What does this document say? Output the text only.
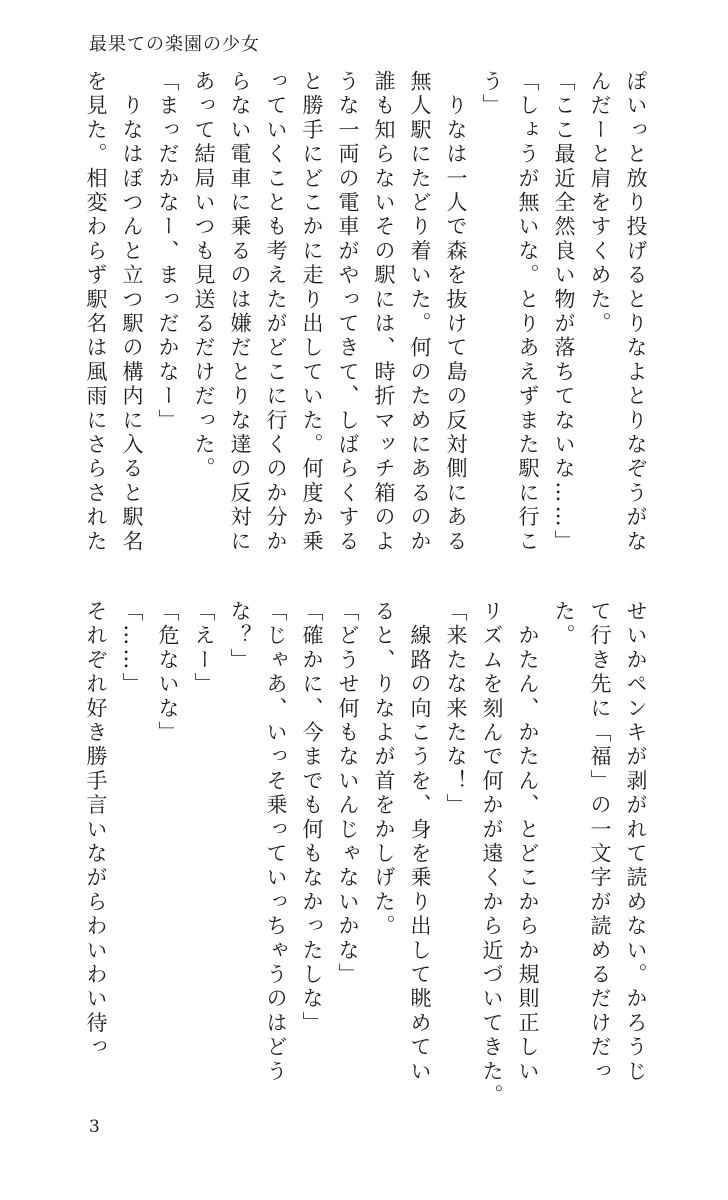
最果ての楽園の少女
ぽいっと放り投げるとりなよとりなぞうがな
んだーと肩をすくめた。
「ここ最近全然良い物が落ちてないな……」
「しょうが無いな。とりあえずまた駅に行こ
う」
　りなは一人で森を抜けて島の反対側にある
無人駅にたどり着いた。何のためにあるのか
誰も知らないその駅には、時折マッチ箱のよ
うな一両の電車がやってきて、しばらくする
と勝手にどこかに走り出していた。何度か乗
っていくことも考えたがどこに行くのか分か
らない電車に乗るのは嫌だとりな達の反対に
あって結局いつも見送るだけだった。
「まっだかなー、まっだかなー」
　りなはぽつんと立つ駅の構内に入ると駅名
を見た。相変わらず駅名は風雨にさらされた
せいかペンキが剥がれて読めない。かろうじ
て行き先に「福」の一文字が読めるだけだっ
た。
　かたん、かたん、とどこからか規則正しい
リズムを刻んで何かが遠くから近づいてきた。
「来たな来たな！」
　線路の向こうを、身を乗り出して眺めてい
ると、りなよが首をかしげた。
「どうせ何もないんじゃないかな」
「確かに、今までも何もなかったしな」
「じゃあ、いっそ乗っていっちゃうのはどう
な？」
「えー」
「危ないな」
「……」
それぞれ好き勝手言いながらわいわい待っ
3
